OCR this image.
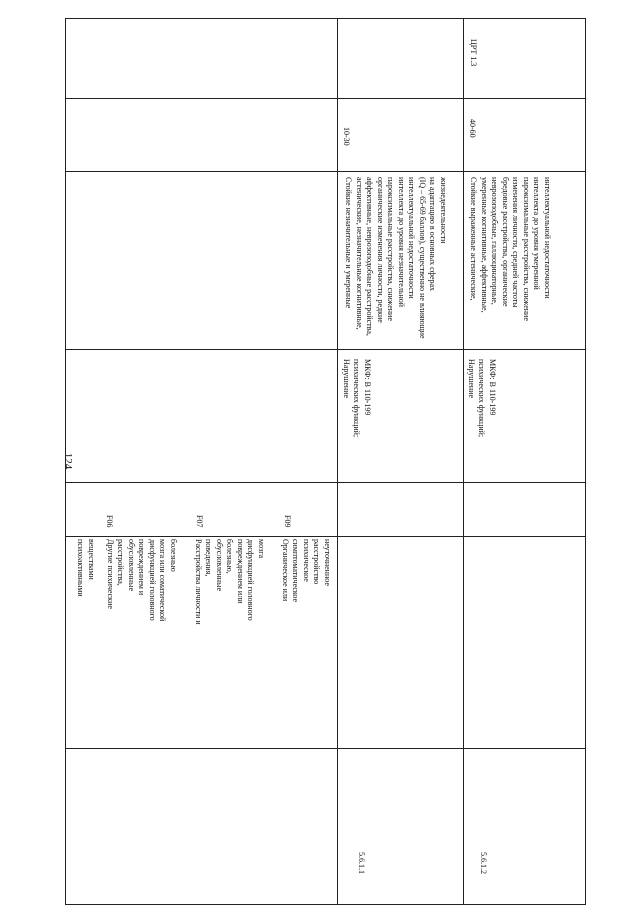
124
веществами
психоактивными	болезнью
мозга или соматической
дисфункцией головного
повреждением и
обусловленные
расстройства,
Другие психические
F06
мозга
дисфункцией головного
повреждением или
болезнью,
обусловленные
поведения,
Расстройства личности и
F07
неуточненное
расстройство
психическое
симптоматическое
Органическое или
F09
5.6.1.1
МКФ: В 110-199
психических функций;
Нарушение
жизнедеятельности
на адаптацию в основных сферах
(IQ – 65-69 баллов), существенно не влияющие
интеллектуальной недостаточности
интеллекта до уровня незначительной
пароксизмальные расстройства, снижение
органические изменения личности, редкие
аффективные, неврозоподобные расстройства,
астенические, незначительные когнитивные,
Стойкие незначительные и умеренные
10-30
5.6.1.2
МКФ: В 110-199
психических функций;
Нарушение
интеллектуальной недостаточности
интеллекта до уровня умеренной
пароксизмальные расстройства, снижение
изменения личности, средней частоты
бредовые расстройства, органические
неврозоподобные, галлюцинаторные,
умеренные когнитивные, аффективные,
Стойкие выраженные астенические,
40-60
ЦРТ 1.3
